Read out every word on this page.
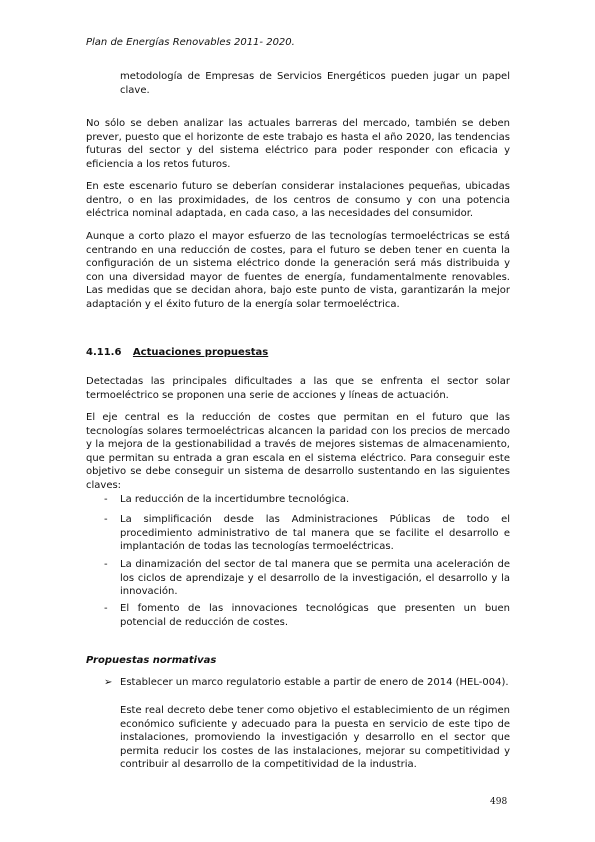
Plan de Energías Renovables 2011- 2020.

metodología de Empresas de Servicios Energéticos pueden jugar un papel clave.

No sólo se deben analizar las actuales barreras del mercado, también se deben prever, puesto que el horizonte de este trabajo es hasta el año 2020, las tendencias futuras del sector y del sistema eléctrico para poder responder con eficacia y eficiencia a los retos futuros.

En este escenario futuro se deberían considerar instalaciones pequeñas, ubicadas dentro, o en las proximidades, de los centros de consumo y con una potencia eléctrica nominal adaptada, en cada caso, a las necesidades del consumidor.

Aunque a corto plazo el mayor esfuerzo de las tecnologías termoeléctricas se está centrando en una reducción de costes, para el futuro se deben tener en cuenta la configuración de un sistema eléctrico donde la generación será más distribuida y con una diversidad mayor de fuentes de energía, fundamentalmente renovables. Las medidas que se decidan ahora, bajo este punto de vista, garantizarán la mejor adaptación y el éxito futuro de la energía solar termoeléctrica.

4.11.6 Actuaciones propuestas

Detectadas las principales dificultades a las que se enfrenta el sector solar termoeléctrico se proponen una serie de acciones y líneas de actuación.

El eje central es la reducción de costes que permitan en el futuro que las tecnologías solares termoeléctricas alcancen la paridad con los precios de mercado y la mejora de la gestionabilidad a través de mejores sistemas de almacenamiento, que permitan su entrada a gran escala en el sistema eléctrico. Para conseguir este objetivo se debe conseguir un sistema de desarrollo sustentando en las siguientes claves:

- La reducción de la incertidumbre tecnológica.

- La simplificación desde las Administraciones Públicas de todo el procedimiento administrativo de tal manera que se facilite el desarrollo e implantación de todas las tecnologías termoeléctricas.

- La dinamización del sector de tal manera que se permita una aceleración de los ciclos de aprendizaje y el desarrollo de la investigación, el desarrollo y la innovación.

- El fomento de las innovaciones tecnológicas que presenten un buen potencial de reducción de costes.

Propuestas normativas
➢ Establecer un marco regulatorio estable a partir de enero de 2014 (HEL-004).

Este real decreto debe tener como objetivo el establecimiento de un régimen económico suficiente y adecuado para la puesta en servicio de este tipo de instalaciones, promoviendo la investigación y desarrollo en el sector que permita reducir los costes de las instalaciones, mejorar su competitividad y contribuir al desarrollo de la competitividad de la industria.

498
